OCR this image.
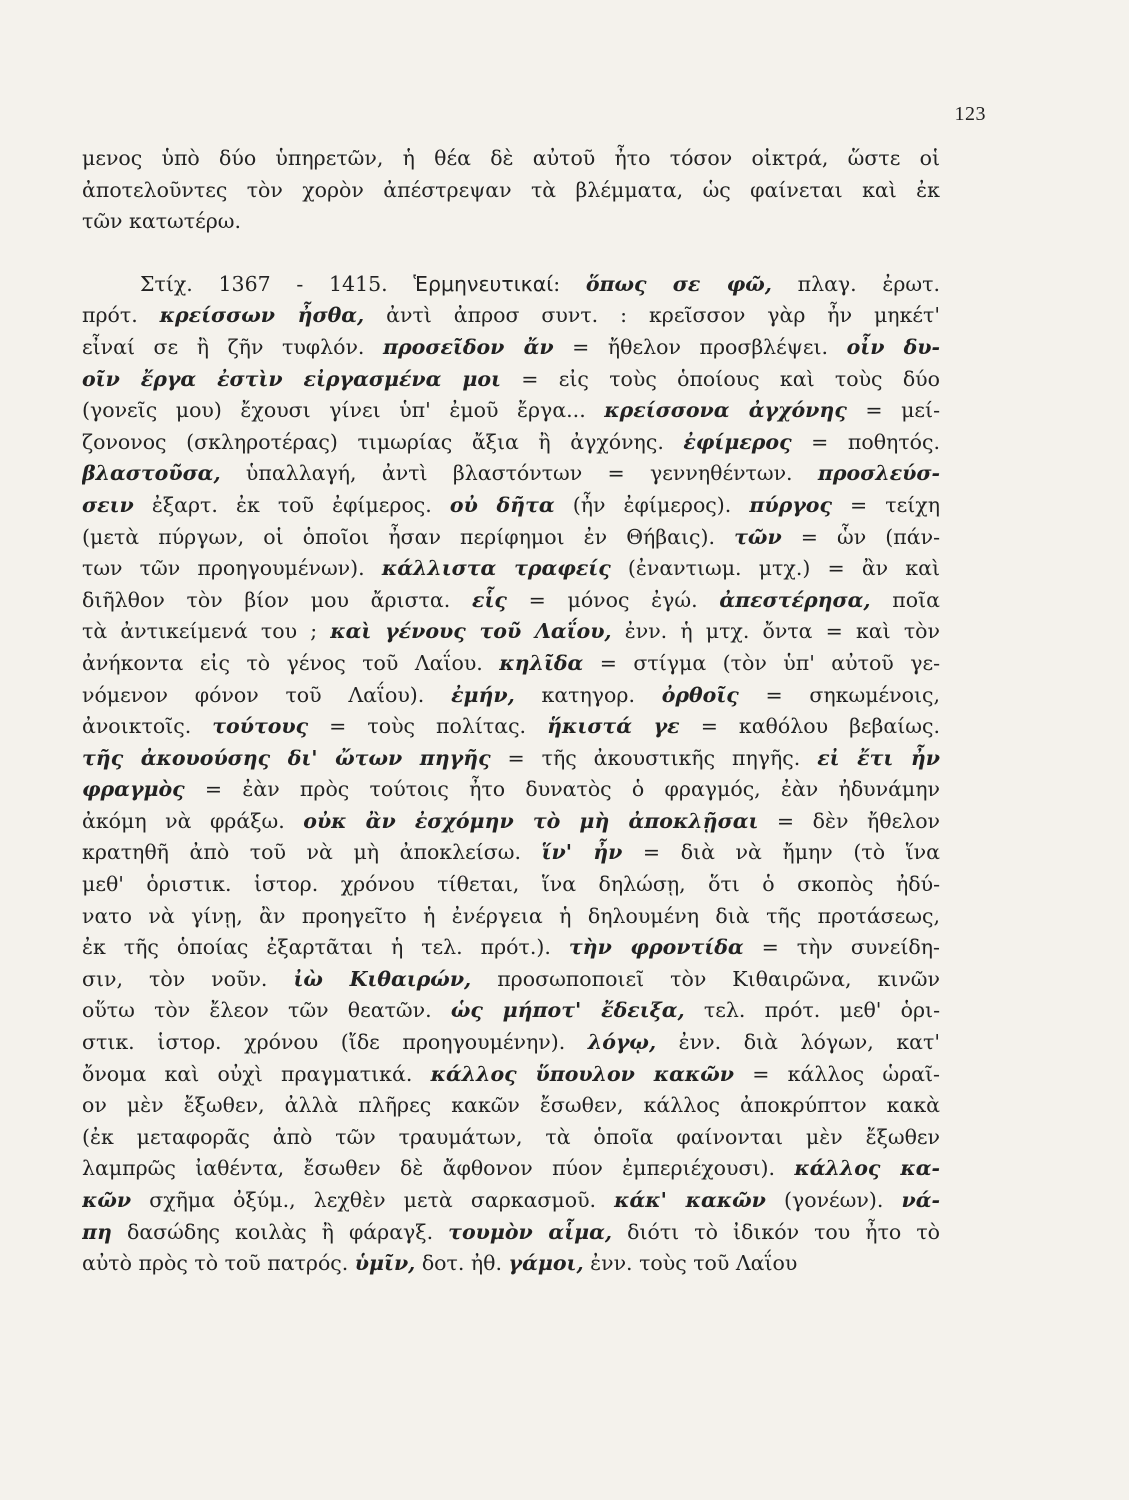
123
μενος ὑπὸ δύο ὑπηρετῶν, ἡ θέα δὲ αὐτοῦ ἦτο τόσον οἰκτρά, ὥστε οἱ
ἀποτελοῦντες τὸν χορὸν ἀπέστρεψαν τὰ βλέμματα, ὡς φαίνεται καὶ ἐκ
τῶν κατωτέρω.
Στίχ. 1367 - 1415. Ἑρμηνευτικαί: ὅπως σε φῶ, πλαγ. ἐρωτ.
πρότ. κρείσσων ἦσθα, ἀντὶ ἀπροσ συντ. : κρεῖσσον γὰρ ἦν μηκέτ'
εἶναί σε ἢ ζῆν τυφλόν. προσεῖδον ἄν = ἤθελον προσβλέψει. οἶν δυ-
οῖν ἔργα ἐστὶν εἰργασμένα μοι = εἰς τοὺς ὁποίους καὶ τοὺς δύο
(γονεῖς μου) ἔχουσι γίνει ὑπ' ἐμοῦ ἔργα... κρείσσονα ἀγχόνης = μεί-
ζονονος (σκληροτέρας) τιμωρίας ἄξια ἢ ἀγχόνης. ἐφίμερος = ποθητός.
βλαστοῦσα, ὑπαλλαγή, ἀντὶ βλαστόντων = γεννηθέντων. προσλεύσ-
σειν ἐξαρτ. ἐκ τοῦ ἐφίμερος. οὐ δῆτα (ἦν ἐφίμερος). πύργος = τείχη
(μετὰ πύργων, οἱ ὁποῖοι ἦσαν περίφημοι ἐν Θήβαις). τῶν = ὧν (πάν-
των τῶν προηγουμένων). κάλλιστα τραφείς (ἐναντιωμ. μτχ.) = ἂν καὶ
διῆλθον τὸν βίον μου ἄριστα. εἷς = μόνος ἐγώ. ἀπεστέρησα, ποῖα
τὰ ἀντικείμενά του ; καὶ γένους τοῦ Λαΐου, ἐνν. ἡ μτχ. ὄντα = καὶ τὸν
ἀνήκοντα εἰς τὸ γένος τοῦ Λαΐου. κηλῖδα = στίγμα (τὸν ὑπ' αὐτοῦ γε-
νόμενον φόνον τοῦ Λαΐου). ἐμήν, κατηγορ. ὀρθοῖς = σηκωμένοις,
ἀνοικτοῖς. τούτους = τοὺς πολίτας. ἥκιστά γε = καθόλου βεβαίως.
τῆς ἀκουούσης δι' ὤτων πηγῆς = τῆς ἀκουστικῆς πηγῆς. εἰ ἔτι ἦν
φραγμὸς = ἐὰν πρὸς τούτοις ἦτο δυνατὸς ὁ φραγμός, ἐὰν ἠδυνάμην
ἀκόμη νὰ φράξω. οὐκ ἂν ἐσχόμην τὸ μὴ ἀποκλῇσαι = δὲν ἤθελον
κρατηθῆ ἀπὸ τοῦ νὰ μὴ ἀποκλείσω. ἵν' ἦν = διὰ νὰ ἤμην (τὸ ἵνα
μεθ' ὁριστικ. ἱστορ. χρόνου τίθεται, ἵνα δηλώσῃ, ὅτι ὁ σκοπὸς ἠδύ-
νατο νὰ γίνῃ, ἂν προηγεῖτο ἡ ἐνέργεια ἡ δηλουμένη διὰ τῆς προτάσεως,
ἐκ τῆς ὁποίας ἐξαρτᾶται ἡ τελ. πρότ.). τὴν φροντίδα = τὴν συνείδη-
σιν, τὸν νοῦν. ἰὼ Κιθαιρών, προσωποποιεῖ τὸν Κιθαιρῶνα, κινῶν
οὕτω τὸν ἔλεον τῶν θεατῶν. ὡς μήποτ' ἔδειξα, τελ. πρότ. μεθ' ὁρι-
στικ. ἱστορ. χρόνου (ἴδε προηγουμένην). λόγῳ, ἐνν. διὰ λόγων, κατ'
ὄνομα καὶ οὐχὶ πραγματικά. κάλλος ὕπουλον κακῶν = κάλλος ὡραῖ-
ον μὲν ἔξωθεν, ἀλλὰ πλῆρες κακῶν ἔσωθεν, κάλλος ἀποκρύπτον κακὰ
(ἐκ μεταφορᾶς ἀπὸ τῶν τραυμάτων, τὰ ὁποῖα φαίνονται μὲν ἔξωθεν
λαμπρῶς ἰαθέντα, ἔσωθεν δὲ ἄφθονον πύον ἐμπεριέχουσι). κάλλος κα-
κῶν σχῆμα ὀξύμ., λεχθὲν μετὰ σαρκασμοῦ. κάκ' κακῶν (γονέων). νά-
πη δασώδης κοιλὰς ἢ φάραγξ. τουμὸν αἷμα, διότι τὸ ἰδικόν του ἦτο τὸ
αὐτὸ πρὸς τὸ τοῦ πατρός. ὑμῖν, δοτ. ἠθ. γάμοι, ἐνν. τοὺς τοῦ Λαΐου
